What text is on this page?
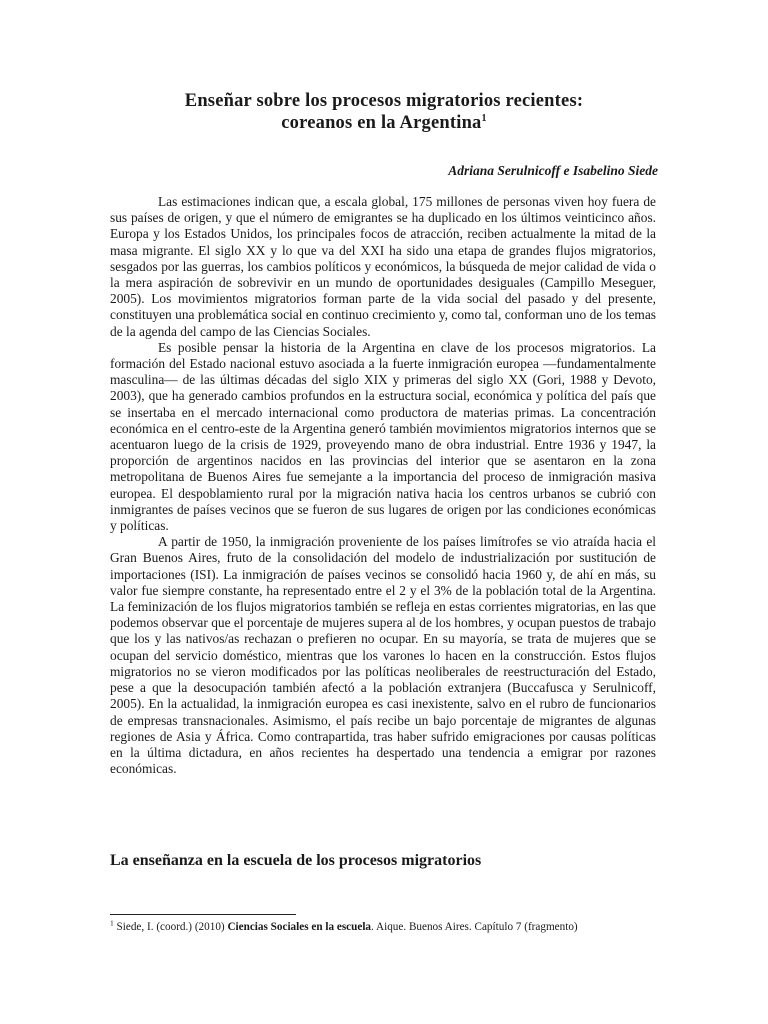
Enseñar sobre los procesos migratorios recientes:
coreanos en la Argentina$^1$
Adriana Serulnicoff e Isabelino Siede

Las estimaciones indican que, a escala global, 175 millones de personas viven hoy fuera de sus países de origen, y que el número de emigrantes se ha duplicado en los últimos veinticinco años. Europa y los Estados Unidos, los principales focos de atracción, reciben actualmente la mitad de la masa migrante. El siglo XX y lo que va del XXI ha sido una etapa de grandes flujos migratorios, sesgados por las guerras, los cambios políticos y económicos, la búsqueda de mejor calidad de vida o la mera aspiración de sobrevivir en un mundo de oportunidades desiguales (Campillo Meseguer, 2005). Los movimientos migratorios forman parte de la vida social del pasado y del presente, constituyen una problemática social en continuo crecimiento y, como tal, conforman uno de los temas de la agenda del campo de las Ciencias Sociales.

Es posible pensar la historia de la Argentina en clave de los procesos migratorios. La formación del Estado nacional estuvo asociada a la fuerte inmigración europea —fundamentalmente masculina— de las últimas décadas del siglo XIX y primeras del siglo XX (Gori, 1988 y Devoto, 2003), que ha generado cambios profundos en la estructura social, económica y política del país que se insertaba en el mercado internacional como productora de materias primas. La concentración económica en el centro-este de la Argentina generó también movimientos migratorios internos que se acentuaron luego de la crisis de 1929, proveyendo mano de obra industrial. Entre 1936 y 1947, la proporción de argentinos nacidos en las provincias del interior que se asentaron en la zona metropolitana de Buenos Aires fue semejante a la importancia del proceso de inmigración masiva europea. El despoblamiento rural por la migración nativa hacia los centros urbanos se cubrió con inmigrantes de países vecinos que se fueron de sus lugares de origen por las condiciones económicas y políticas.

A partir de 1950, la inmigración proveniente de los países limítrofes se vio atraída hacia el Gran Buenos Aires, fruto de la consolidación del modelo de industrialización por sustitución de importaciones (ISI). La inmigración de países vecinos se consolidó hacia 1960 y, de ahí en más, su valor fue siempre constante, ha representado entre el 2 y el 3% de la población total de la Argentina. La feminización de los flujos migratorios también se refleja en estas corrientes migratorias, en las que podemos observar que el porcentaje de mujeres supera al de los hombres, y ocupan puestos de trabajo que los y las nativos/as rechazan o prefieren no ocupar. En su mayoría, se trata de mujeres que se ocupan del servicio doméstico, mientras que los varones lo hacen en la construcción. Estos flujos migratorios no se vieron modificados por las políticas neoliberales de reestructuración del Estado, pese a que la desocupación también afectó a la población extranjera (Buccafusca y Serulnicoff, 2005). En la actualidad, la inmigración europea es casi inexistente, salvo en el rubro de funcionarios de empresas transnacionales. Asimismo, el país recibe un bajo porcentaje de migrantes de algunas regiones de Asia y África. Como contrapartida, tras haber sufrido emigraciones por causas políticas en la última dictadura, en años recientes ha despertado una tendencia a emigrar por razones económicas.

La enseñanza en la escuela de los procesos migratorios
$^1$ Siede, I. (coord.) (2010) Ciencias Sociales en la escuela. Aique. Buenos Aires. Capítulo 7 (fragmento)
